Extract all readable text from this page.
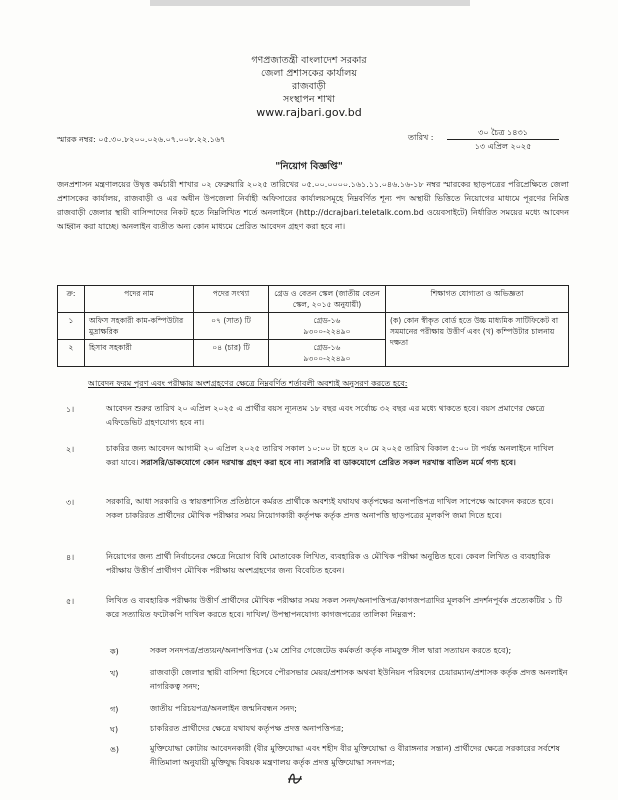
গণপ্রজাতন্ত্রী বাংলাদেশ সরকার
জেলা প্রশাসকের কার্যালয়
রাজবাড়ী
সংস্থাপন শাখা
www.rajbari.gov.bd
স্মারক নম্বর: ০৫.৩০.৮২০০.০২৬.০৭.০০৮.২২.১৬৭	তারিখ :
৩০ চৈত্র ১৪৩১
১৩ এপ্রিল ২০২৫
"নিয়োগ বিজ্ঞপ্তি"
জনপ্রশাসন মন্ত্রণালয়ের উদ্বৃত্ত কর্মচারী শাখার ০২ ফেব্রুয়ারি ২০২৫ তারিখের ০৫.০০.০০০০.১৬১.১১.০৪৬.১৬-১৮ নম্বর স্মারকের ছাড়পত্রের পরিপ্রেক্ষিতে জেলা প্রশাসকের কার্যালয়, রাজবাড়ী ও এর অধীন উপজেলা নির্বাহী অফিসারের কার্যালয়সমূহে নিম্নবর্ণিত শূন্য পদ অস্থায়ী ভিত্তিতে নিয়োগের মাধ্যমে পূরণের নিমিত্ত রাজবাড়ী জেলার স্থায়ী বাসিন্দাদের নিকট হতে নিম্নলিখিত শর্তে অনলাইনে (http://dcrajbari.teletalk.com.bd ওয়েবসাইটে) নির্ধারিত সময়ের মধ্যে আবেদন আহ্বান করা যাচ্ছে। অনলাইন ব্যতীত অন্য কোন মাধ্যমে প্রেরিত আবেদন গ্রহণ করা হবে না।
ক্র:	পদের নাম	পদের সংখ্যা	গ্রেড ও বেতন স্কেল (জাতীয় বেতন স্কেল, ২০১৫ অনুযায়ী)	শিক্ষাগত যোগ্যতা ও অভিজ্ঞতা
১	অফিস সহকারী কাম-কম্পিউটার মুদ্রাক্ষরিক	০৭ (সাত) টি	গ্রেড-১৬
৯৩০০-২২৪৯০	(ক) কোন স্বীকৃত বোর্ড হতে উচ্চ মাধ্যমিক সার্টিফিকেট বা সমমানের পরীক্ষায় উত্তীর্ণ এবং (খ) কম্পিউটার চালনায় দক্ষতা
২	হিসাব সহকারী	০৪ (চার) টি	গ্রেড-১৬
৯৩০০-২২৪৯০	
আবেদন ফরম পূরণ এবং পরীক্ষায় অংশগ্রহণের ক্ষেত্রে নিম্নবর্ণিত শর্তাবলী অবশ্যই অনুসরণ করতে হবে:
১।	আবেদন শুরুর তারিখ ২০ এপ্রিল ২০২৫ এ প্রার্থীর বয়স ন্যূনতম ১৮ বছর এবং সর্বোচ্চ ৩২ বছর এর মধ্যে থাকতে হবে। বয়স প্রমাণের ক্ষেত্রে এফিডেভিট গ্রহণযোগ্য হবে না।
২।	চাকরির জন্য আবেদন আগামী ২০ এপ্রিল ২০২৫ তারিখ সকাল ১০:০০ টা হতে ২০ মে ২০২৫ তারিখ বিকাল ৫:০০ টা পর্যন্ত অনলাইনে দাখিল করা যাবে। সরাসরি/ডাকযোগে কোন দরখাস্ত গ্রহণ করা হবে না। সরাসরি বা ডাকযোগে প্রেরিত সকল দরখাস্ত বাতিল মর্মে গণ্য হবে।
৩।	সরকারি, আধা সরকারি ও স্বায়ত্তশাসিত প্রতিষ্ঠানে কর্মরত প্রার্থীকে অবশ্যই যথাযথ কর্তৃপক্ষের অনাপত্তিপত্র দাখিল সাপেক্ষে আবেদন করতে হবে। সকল চাকরিরত প্রার্থীদের মৌখিক পরীক্ষার সময় নিয়োগকারী কর্তৃপক্ষ কর্তৃক প্রদত্ত অনাপত্তি ছাড়পত্রের মূলকপি জমা দিতে হবে।
৪।	নিয়োগের জন্য প্রার্থী নির্বাচনের ক্ষেত্রে নিয়োগ বিধি মোতাবেক লিখিত, ব্যবহারিক ও মৌখিক পরীক্ষা অনুষ্ঠিত হবে। কেবল লিখিত ও ব্যবহারিক পরীক্ষায় উত্তীর্ণ প্রার্থীগণ মৌখিক পরীক্ষায় অংশগ্রহণের জন্য বিবেচিত হবেন।
৫।	লিখিত ও ব্যবহারিক পরীক্ষায় উত্তীর্ণ প্রার্থীদের মৌখিক পরীক্ষার সময় সকল সনদ/অনাপত্তিপত্র/কাগজপত্রাদির মূলকপি প্রদর্শনপূর্বক প্রত্যেকটির ১ টি করে সত্যায়িত ফটোকপি দাখিল করতে হবে। দাখিল/ উপস্থাপনযোগ্য কাগজপত্রের তালিকা নিম্নরূপ:
ক)	সকল সনদপত্র/প্রত্যয়ন/অনাপত্তিপত্র (১ম শ্রেণির গেজেটেড কর্মকর্তা কর্তৃক নামযুক্ত সীল দ্বারা সত্যায়ন করতে হবে);
খ)	রাজবাড়ী জেলার স্থায়ী বাসিন্দা হিসেবে পৌরসভার মেয়র/প্রশাসক অথবা ইউনিয়ন পরিষদের চেয়ারম্যান/প্রশাসক কর্তৃক প্রদত্ত অনলাইন নাগরিকত্ব সনদ;
গ)	জাতীয় পরিচয়পত্র/অনলাইন জন্মনিবন্ধন সনদ;
ঘ)	চাকরিরত প্রার্থীদের ক্ষেত্রে যথাযথ কর্তৃপক্ষ প্রদত্ত অনাপত্তিপত্র;
ঙ)	মুক্তিযোদ্ধা কোটায় আবেদনকারী (বীর মুক্তিযোদ্ধা এবং শহীদ বীর মুক্তিযোদ্ধা ও বীরাঙ্গনার সন্তান) প্রার্থীদের ক্ষেত্রে সরকারের সর্বশেষ নীতিমালা অনুযায়ী মুক্তিযুদ্ধ বিষয়ক মন্ত্রণালয় কর্তৃক প্রদত্ত মুক্তিযোদ্ধা সনদপত্র;
